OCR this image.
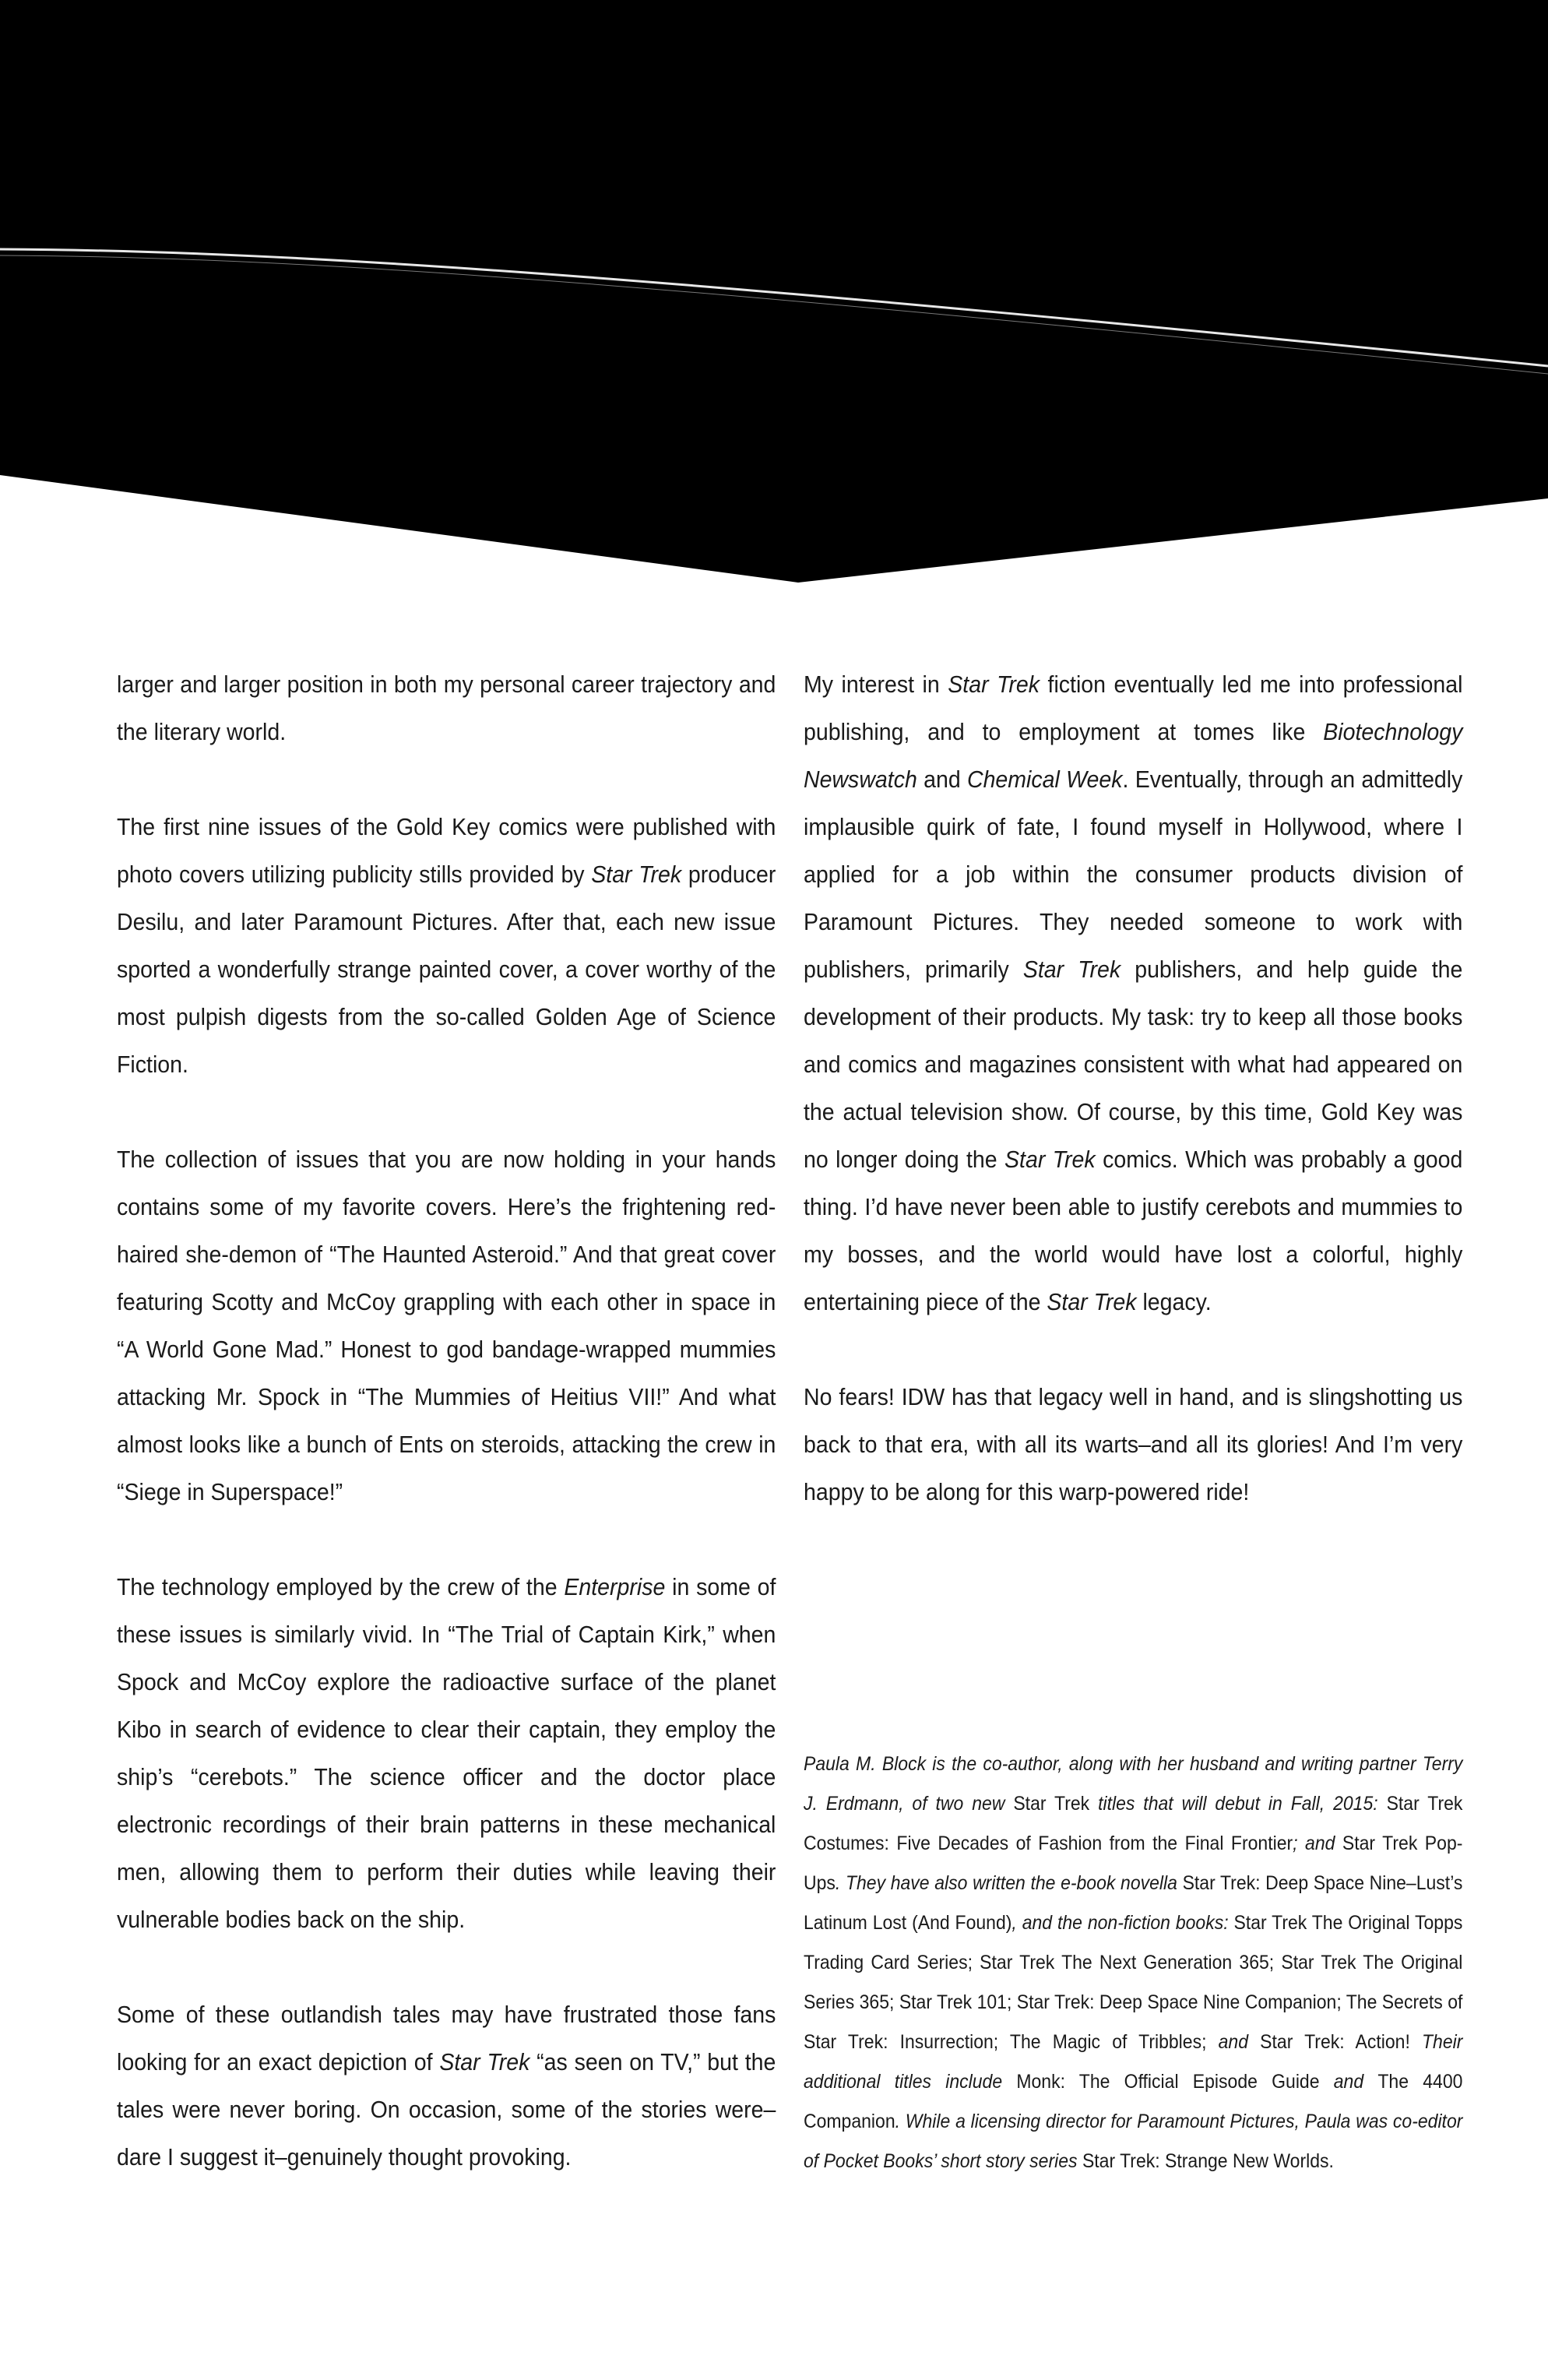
larger and larger position in both my personal career trajectory and the literary world.

The first nine issues of the Gold Key comics were published with photo covers utilizing publicity stills provided by Star Trek producer Desilu, and later Paramount Pictures. After that, each new issue sported a wonderfully strange painted cover, a cover worthy of the most pulpish digests from the so-called Golden Age of Science Fiction.

The collection of issues that you are now holding in your hands contains some of my favorite covers. Here’s the frightening red-haired she-demon of “The Haunted Asteroid.” And that great cover featuring Scotty and McCoy grappling with each other in space in “A World Gone Mad.” Honest to god bandage-wrapped mummies attacking Mr. Spock in “The Mummies of Heitius VII!” And what almost looks like a bunch of Ents on steroids, attacking the crew in “Siege in Superspace!”

The technology employed by the crew of the Enterprise in some of these issues is similarly vivid. In “The Trial of Captain Kirk,” when Spock and McCoy explore the radioactive surface of the planet Kibo in search of evidence to clear their captain, they employ the ship’s “cerebots.” The science officer and the doctor place electronic recordings of their brain patterns in these mechanical men, allowing them to perform their duties while leaving their vulnerable bodies back on the ship.

Some of these outlandish tales may have frustrated those fans looking for an exact depiction of Star Trek “as seen on TV,” but the tales were never boring. On occasion, some of the stories were–dare I suggest it–genuinely thought provoking.

My interest in Star Trek fiction eventually led me into professional publishing, and to employment at tomes like Biotechnology Newswatch and Chemical Week. Eventually, through an admittedly implausible quirk of fate, I found myself in Hollywood, where I applied for a job within the consumer products division of Paramount Pictures. They needed someone to work with publishers, primarily Star Trek publishers, and help guide the development of their products. My task: try to keep all those books and comics and magazines consistent with what had appeared on the actual television show. Of course, by this time, Gold Key was no longer doing the Star Trek comics. Which was probably a good thing. I’d have never been able to justify cerebots and mummies to my bosses, and the world would have lost a colorful, highly entertaining piece of the Star Trek legacy.

No fears! IDW has that legacy well in hand, and is slingshotting us back to that era, with all its warts–and all its glories! And I’m very happy to be along for this warp-powered ride!

Paula M. Block is the co-author, along with her husband and writing partner Terry J. Erdmann, of two new Star Trek titles that will debut in Fall, 2015: Star Trek Costumes: Five Decades of Fashion from the Final Frontier; and Star Trek Pop-Ups. They have also written the e-book novella Star Trek: Deep Space Nine–Lust’s Latinum Lost (And Found), and the non-fiction books: Star Trek The Original Topps Trading Card Series; Star Trek The Next Generation 365; Star Trek The Original Series 365; Star Trek 101; Star Trek: Deep Space Nine Companion; The Secrets of Star Trek: Insurrection; The Magic of Tribbles; and Star Trek: Action! Their additional titles include Monk: The Official Episode Guide and The 4400 Companion. While a licensing director for Paramount Pictures, Paula was co-editor of Pocket Books’ short story series Star Trek: Strange New Worlds.
